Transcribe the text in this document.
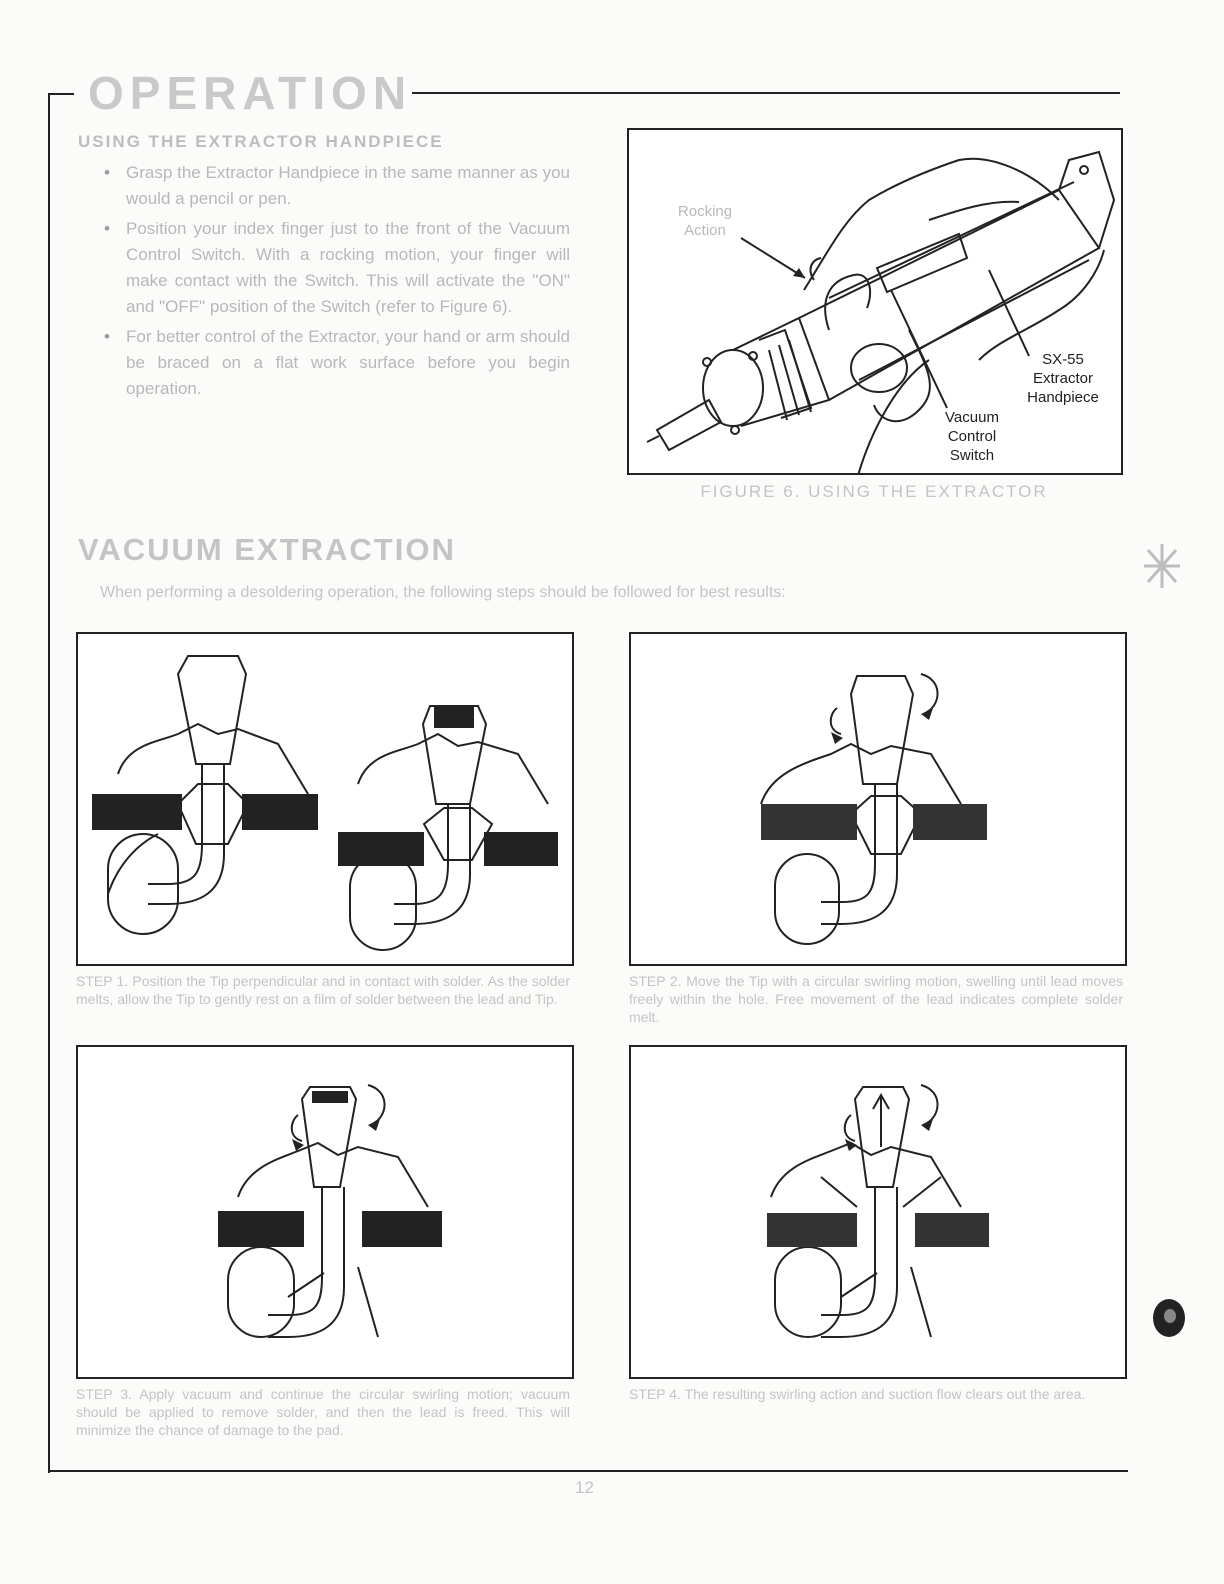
OPERATION
USING THE EXTRACTOR HANDPIECE
• Grasp the Extractor Handpiece in the same manner as you would a pencil or pen.
• Position your index finger just to the front of the Vacuum Control Switch. With a rocking motion, your finger will make contact with the Switch. This will activate the "ON" and "OFF" position of the Switch (refer to Figure 6).
• For better control of the Extractor, your hand or arm should be braced on a flat work surface before you begin operation.
Rocking Action
SX-55 Extractor Handpiece
Vacuum Control Switch

FIGURE 6. USING THE EXTRACTOR

VACUUM EXTRACTION

When performing a desoldering operation, the following steps should be followed for best results:

STEP 1. Position the Tip perpendicular and in contact with solder. As the solder melts, allow the Tip to gently rest on a film of solder between the lead and Tip.

STEP 2. Move the Tip with a circular swirling motion, swelling until lead moves freely within the hole. Free movement of the lead indicates complete solder melt.

STEP 3. Apply vacuum and continue the circular swirling motion; vacuum should be applied to remove solder, and then the lead is freed. This will minimize the chance of damage to the pad.

STEP 4. The resulting swirling action and suction flow clears out the area.

12
